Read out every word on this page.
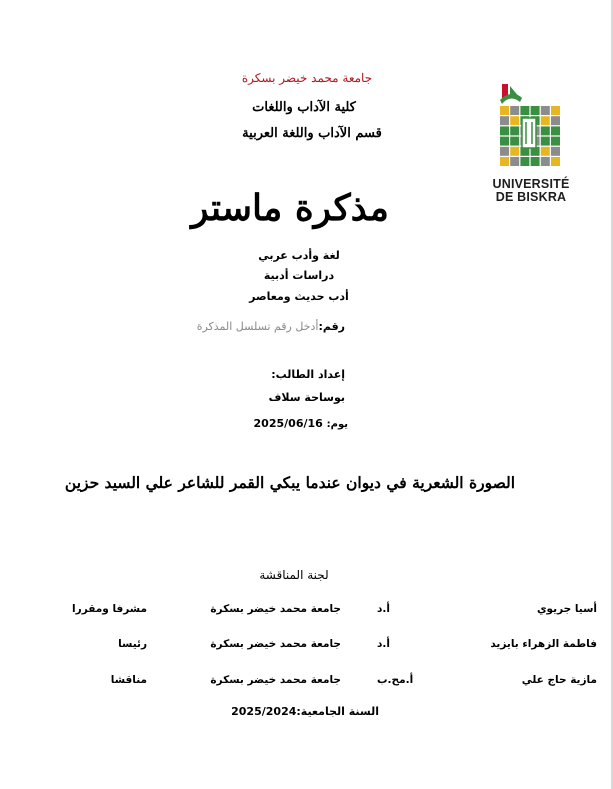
UNIVERSITÉ
DE BISKRA
جامعة محمد خيضر بسكرة
كلية الآداب واللغات
قسم الآداب واللغة العربية
مذكرة ماستر
لغة وأدب عربي
دراسات أدبية
أدب حديث ومعاصر
رقم:أدخل رقم تسلسل المذكرة
إعداد الطالب:
بوساحة سلاف
يوم: 2025/06/16
الصورة الشعرية في ديوان عندما يبكي القمر للشاعر علي السيد حزين
لجنة المناقشة
أسيا جريوي
أ.د
جامعة محمد خيضر بسكرة
مشرفا ومقررا
فاطمة الزهراء بايزيد
أ.د
جامعة محمد خيضر بسكرة
رئيسا
مازية حاج علي
أ.مح.ب
جامعة محمد خيضر بسكرة
مناقشا
السنة الجامعية:2025/2024
